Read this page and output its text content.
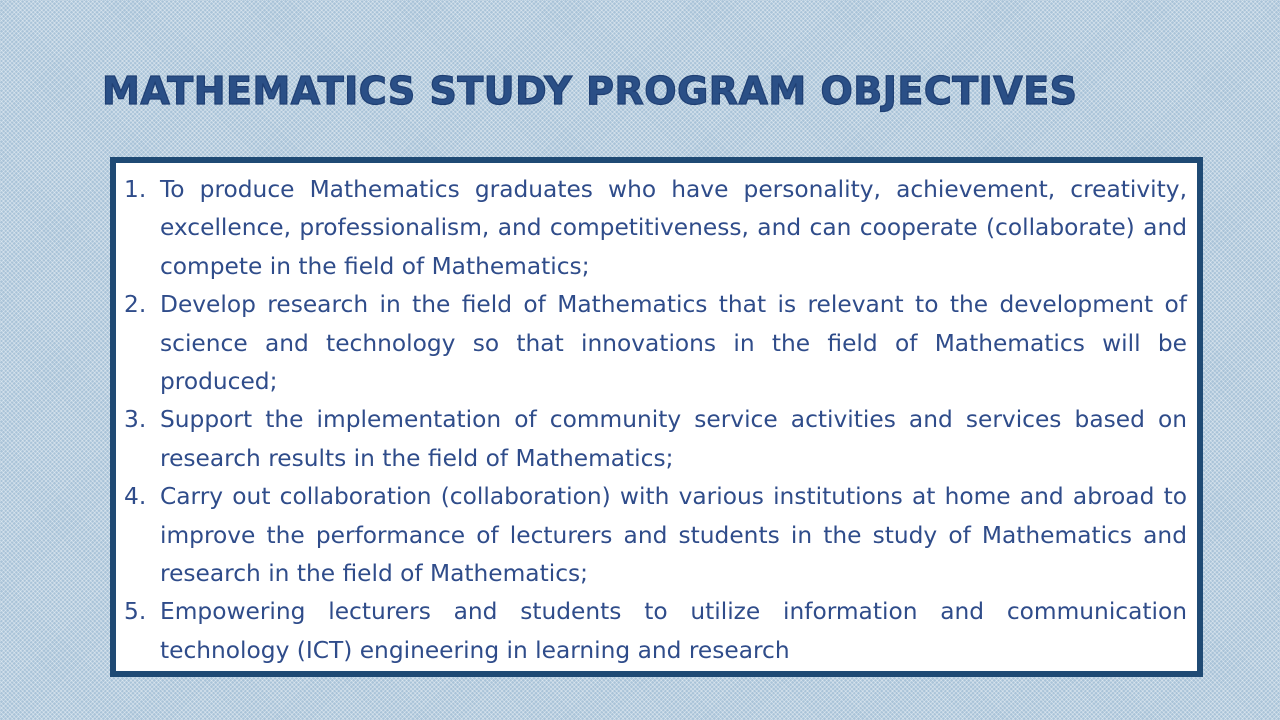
MATHEMATICS STUDY PROGRAM OBJECTIVES
1. To produce Mathematics graduates who have personality, achievement, creativity, excellence, professionalism, and competitiveness, and can cooperate (collaborate) and compete in the field of Mathematics;

2. Develop research in the field of Mathematics that is relevant to the development of science and technology so that innovations in the field of Mathematics will be produced;

3. Support the implementation of community service activities and services based on research results in the field of Mathematics;

4. Carry out collaboration (collaboration) with various institutions at home and abroad to improve the performance of lecturers and students in the study of Mathematics and research in the field of Mathematics;

5. Empowering lecturers and students to utilize information and communication technology (ICT) engineering in learning and research
